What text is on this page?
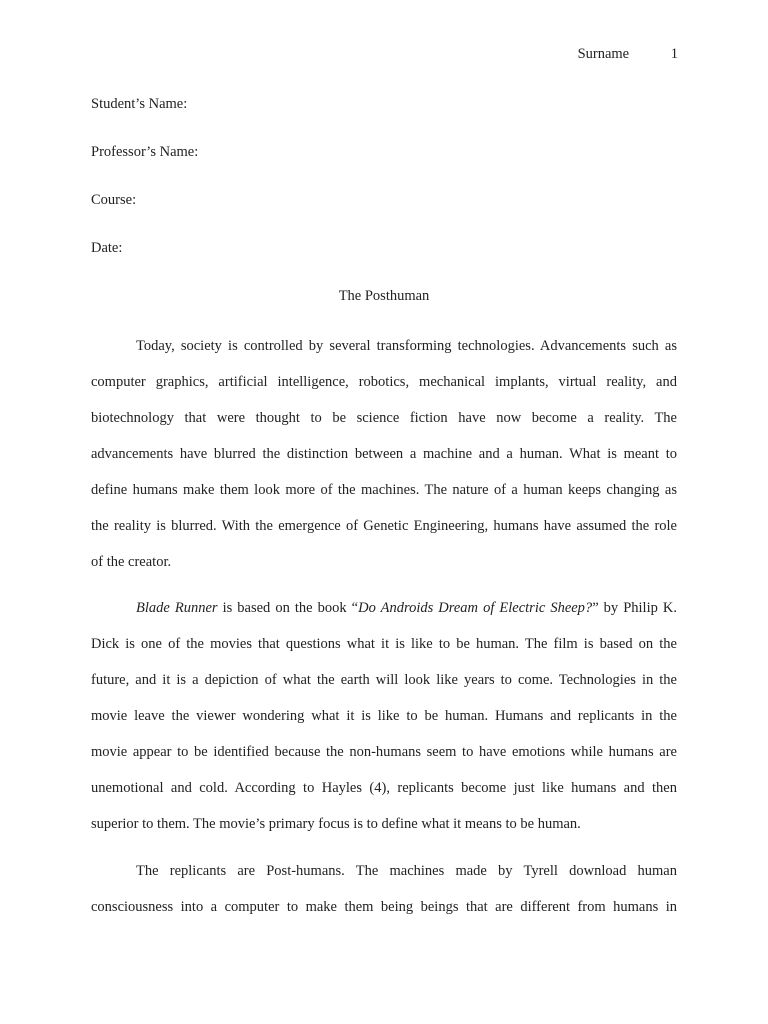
Surname	1
Student’s Name:
Professor’s Name:
Course:
Date:
The Posthuman
Today, society is controlled by several transforming technologies. Advancements such as
computer graphics, artificial intelligence, robotics, mechanical implants, virtual reality, and
biotechnology that were thought to be science fiction have now become a reality. The
advancements have blurred the distinction between a machine and a human. What is meant to
define humans make them look more of the machines. The nature of a human keeps changing as
the reality is blurred. With the emergence of Genetic Engineering, humans have assumed the role
of the creator.
Blade Runner is based on the book “Do Androids Dream of Electric Sheep?” by Philip K.
Dick is one of the movies that questions what it is like to be human. The film is based on the
future, and it is a depiction of what the earth will look like years to come. Technologies in the
movie leave the viewer wondering what it is like to be human. Humans and replicants in the
movie appear to be identified because the non-humans seem to have emotions while humans are
unemotional and cold. According to Hayles (4), replicants become just like humans and then
superior to them. The movie’s primary focus is to define what it means to be human.
The replicants are Post-humans. The machines made by Tyrell download human
consciousness into a computer to make them being beings that are different from humans in
